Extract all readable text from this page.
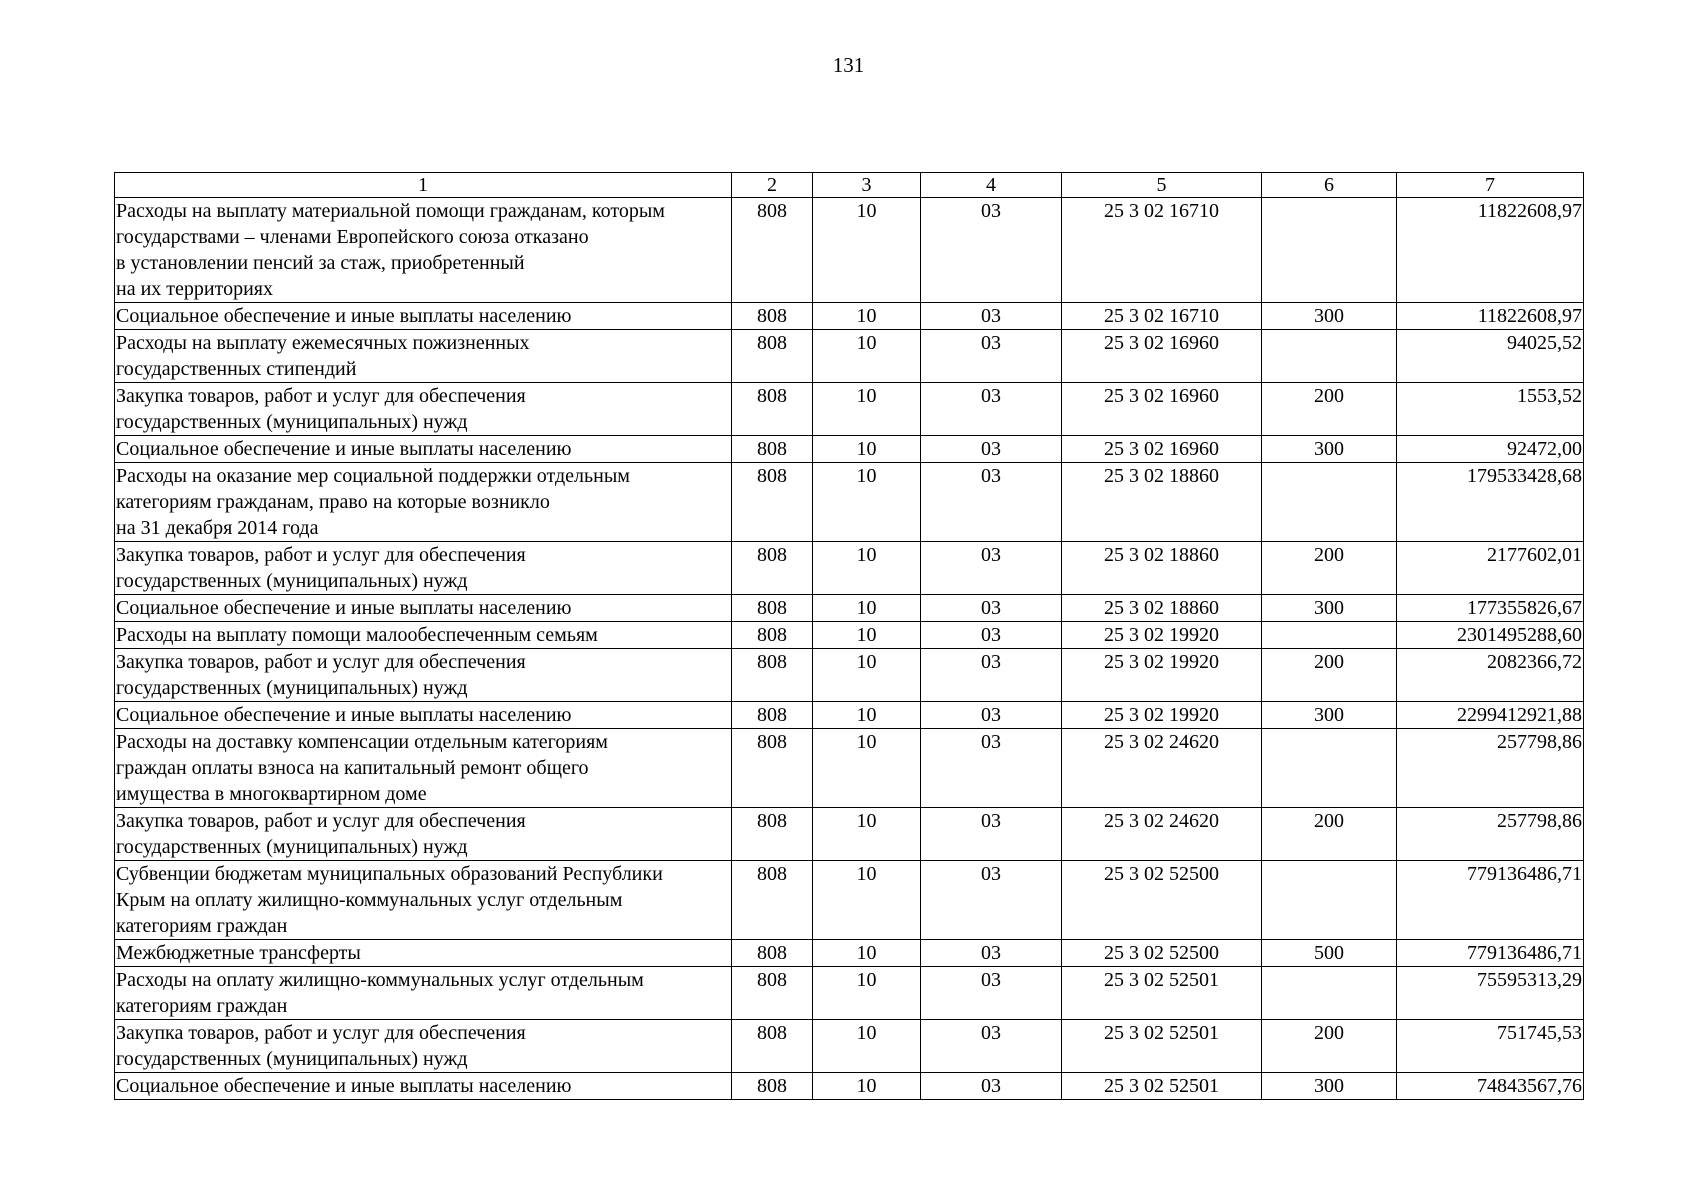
131
1	2	3	4	5	6	7
Расходы на выплату материальной помощи гражданам, которым
государствами – членами Европейского союза отказано
в установлении пенсий за стаж, приобретенный
на их территориях	808	10	03	25 3 02 16710		11822608,97
Социальное обеспечение и иные выплаты населению	808	10	03	25 3 02 16710	300	11822608,97
Расходы на выплату ежемесячных пожизненных
государственных стипендий	808	10	03	25 3 02 16960		94025,52
Закупка товаров, работ и услуг для обеспечения
государственных (муниципальных) нужд	808	10	03	25 3 02 16960	200	1553,52
Социальное обеспечение и иные выплаты населению	808	10	03	25 3 02 16960	300	92472,00
Расходы на оказание мер социальной поддержки отдельным
категориям гражданам, право на которые возникло
на 31 декабря 2014 года	808	10	03	25 3 02 18860		179533428,68
Закупка товаров, работ и услуг для обеспечения
государственных (муниципальных) нужд	808	10	03	25 3 02 18860	200	2177602,01
Социальное обеспечение и иные выплаты населению	808	10	03	25 3 02 18860	300	177355826,67
Расходы на выплату помощи малообеспеченным семьям	808	10	03	25 3 02 19920		2301495288,60
Закупка товаров, работ и услуг для обеспечения
государственных (муниципальных) нужд	808	10	03	25 3 02 19920	200	2082366,72
Социальное обеспечение и иные выплаты населению	808	10	03	25 3 02 19920	300	2299412921,88
Расходы на доставку компенсации отдельным категориям
граждан оплаты взноса на капитальный ремонт общего
имущества в многоквартирном доме	808	10	03	25 3 02 24620		257798,86
Закупка товаров, работ и услуг для обеспечения
государственных (муниципальных) нужд	808	10	03	25 3 02 24620	200	257798,86
Субвенции бюджетам муниципальных образований Республики
Крым на оплату жилищно-коммунальных услуг отдельным
категориям граждан	808	10	03	25 3 02 52500		779136486,71
Межбюджетные трансферты	808	10	03	25 3 02 52500	500	779136486,71
Расходы на оплату жилищно-коммунальных услуг отдельным
категориям граждан	808	10	03	25 3 02 52501		75595313,29
Закупка товаров, работ и услуг для обеспечения
государственных (муниципальных) нужд	808	10	03	25 3 02 52501	200	751745,53
Социальное обеспечение и иные выплаты населению	808	10	03	25 3 02 52501	300	74843567,76
